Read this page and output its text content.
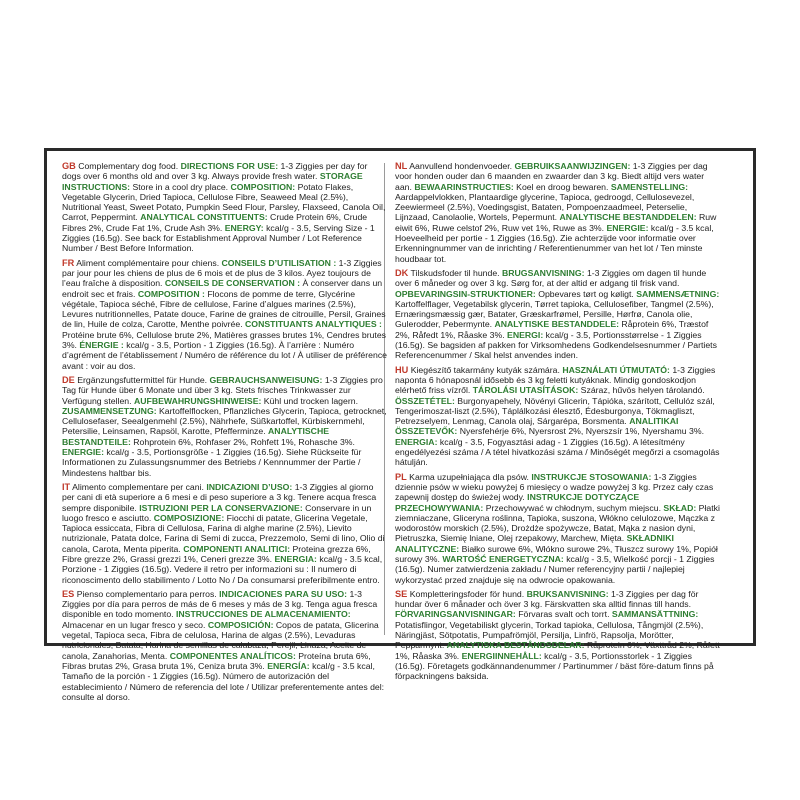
GB Complementary dog food. DIRECTIONS FOR USE: 1-3 Ziggies per day for dogs over 6 months old and over 3 kg. Always provide fresh water. STORAGE INSTRUCTIONS: Store in a cool dry place. COMPOSITION: Potato Flakes, Vegetable Glycerin, Dried Tapioca, Cellulose Fibre, Seaweed Meal (2.5%), Nutritional Yeast, Sweet Potato, Pumpkin Seed Flour, Parsley, Flaxseed, Canola Oil, Carrot, Peppermint. ANALYTICAL CONSTITUENTS: Crude Protein 6%, Crude Fibres 2%, Crude Fat 1%, Crude Ash 3%. ENERGY: kcal/g - 3.5, Serving Size - 1 Ziggies (16.5g). See back for Establishment Approval Number / Lot Reference Number / Best Before Information.

FR Aliment complémentaire pour chiens. CONSEILS D’UTILISATION : 1-3 Ziggies par jour pour les chiens de plus de 6 mois et de plus de 3 kilos. Ayez toujours de l’eau fraîche à disposition. CONSEILS DE CONSERVATION : À conserver dans un endroit sec et frais. COMPOSITION : Flocons de pomme de terre, Glycérine végétale, Tapioca séché, Fibre de cellulose, Farine d’algues marines (2.5%), Levures nutritionnelles, Patate douce, Farine de graines de citrouille, Persil, Graines de lin, Huile de colza, Carotte, Menthe poivrée. CONSTITUANTS ANALYTIQUES : Protéine brute 6%, Cellulose brute 2%, Matières grasses brutes 1%, Cendres brutes 3%. ÉNERGIE : kcal/g - 3.5, Portion - 1 Ziggies (16.5g). À l’arrière : Numéro d’agrément de l’établissement / Numéro de référence du lot / À utiliser de préférence avant : voir au dos.

DE Ergänzungsfuttermittel für Hunde. GEBRAUCHSANWEISUNG: 1-3 Ziggies pro Tag für Hunde über 6 Monate und über 3 kg. Stets frisches Trinkwasser zur Verfügung stellen. AUFBEWAHRUNGSHINWEISE: Kühl und trocken lagern. ZUSAMMENSETZUNG: Kartoffelflocken, Pflanzliches Glycerin, Tapioca, getrocknet, Cellulosefaser, Seealgenmehl (2.5%), Nährhefe, Süßkartoffel, Kürbiskernmehl, Petersilie, Leinsamen, Rapsöl, Karotte, Pfefferminze. ANALYTISCHE BESTANDTEILE: Rohprotein 6%, Rohfaser 2%, Rohfett 1%, Rohasche 3%. ENERGIE: kcal/g - 3.5, Portionsgröße - 1 Ziggies (16.5g). Siehe Rückseite für Informationen zu Zulassungsnummer des Betriebs / Kennnummer der Partie / Mindestens haltbar bis.

IT Alimento complementare per cani. INDICAZIONI D’USO: 1-3 Ziggies al giorno per cani di età superiore a 6 mesi e di peso superiore a 3 kg. Tenere acqua fresca sempre disponibile. ISTRUZIONI PER LA CONSERVAZIONE: Conservare in un luogo fresco e asciutto. COMPOSIZIONE: Fiocchi di patate, Glicerina Vegetale, Tapioca essiccata, Fibra di Cellulosa, Farina di alghe marine (2.5%), Lievito nutrizionale, Patata dolce, Farina di Semi di zucca, Prezzemolo, Semi di lino, Olio di canola, Carota, Menta piperita. COMPONENTI ANALITICI: Proteina grezza 6%, Fibre grezze 2%, Grassi grezzi 1%, Ceneri grezze 3%. ENERGIA: kcal/g - 3.5 kcal, Porzione - 1 Ziggies (16.5g). Vedere il retro per informazioni su : Il numero di riconoscimento dello stabilimento / Lotto No / Da consumarsi preferibilmente entro.

ES Pienso complementario para perros. INDICACIONES PARA SU USO: 1-3 Ziggies por día para perros de más de 6 meses y más de 3 kg. Tenga agua fresca disponible en todo momento. INSTRUCCIONES DE ALMACENAMIENTO: Almacenar en un lugar fresco y seco. COMPOSICIÓN: Copos de patata, Glicerina vegetal, Tapioca seca, Fibra de celulosa, Harina de algas (2.5%), Levaduras nutricionales, Batata, Harina de semillas de calabaza, Perejil, Linaza, Aceite de canola, Zanahorias, Menta. COMPONENTES ANALÍTICOS: Proteína bruta 6%, Fibras brutas 2%, Grasa bruta 1%, Ceniza bruta 3%. ENERGÍA: kcal/g - 3.5 kcal, Tamaño de la porción - 1 Ziggies (16.5g). Número de autorización del establecimiento / Número de referencia del lote / Utilizar preferentemente antes del: consulte al dorso.

NL Aanvullend hondenvoeder. GEBRUIKSAANWIJZINGEN: 1-3 Ziggies per dag voor honden ouder dan 6 maanden en zwaarder dan 3 kg. Biedt altijd vers water aan. BEWAARINSTRUCTIES: Koel en droog bewaren. SAMENSTELLING: Aardappelvlokken, Plantaardige glycerine, Tapioca, gedroogd, Cellulosevezel, Zeewiermeel (2.5%), Voedingsgist, Bataten, Pompoenzaadmeel, Peterselie, Lijnzaad, Canolaolie, Wortels, Pepermunt. ANALYTISCHE BESTANDDELEN: Ruw eiwit 6%, Ruwe celstof 2%, Ruw vet 1%, Ruwe as 3%. ENERGIE: kcal/g - 3.5 kcal, Hoeveelheid per portie - 1 Ziggies (16.5g). Zie achterzijde voor informatie over Erkenningnummer van de inrichting / Referentienummer van het lot / Ten minste houdbaar tot.

DK Tilskudsfoder til hunde. BRUGSANVISNING: 1-3 Ziggies om dagen til hunde over 6 måneder og over 3 kg. Sørg for, at der altid er adgang til frisk vand. OPBEVARINGSIN-STRUKTIONER: Opbevares tørt og køligt. SAMMENSÆTNING: Kartoffelflager, Vegetabilsk glycerin, Tørret tapioka, Cellulosefiber, Tangmel (2.5%), Ernæringsmæssig gær, Batater, Græskarfrømel, Persille, Hørfrø, Canola olie, Gulerodder, Pebermynte. ANALYTISKE BESTANDDELE: Råprotein 6%, Træstof 2%, Råfedt 1%, Råaske 3%. ENERGI: kcal/g - 3.5, Portionsstørrelse - 1 Ziggies (16.5g). Se bagsiden af pakken for Virksomhedens Godkendelsesnummer / Partiets Referencenummer / Skal helst anvendes inden.

HU Kiegészítő takarmány kutyák számára. HASZNÁLATI ÚTMUTATÓ: 1-3 Ziggies naponta 6 hónaposnál idősebb és 3 kg feletti kutyáknak. Mindig gondoskodjon elérhető friss vízről. TÁROLÁSI UTASÍTÁSOK: Száraz, hűvös helyen tárolandó. ÖSSZETÉTEL: Burgonyapehely, Növényi Glicerin, Tápióka, szárított, Cellulóz szál, Tengerimoszat-liszt (2.5%), Táplálkozási élesztő, Édesburgonya, Tökmagliszt, Petrezselyem, Lenmag, Canola olaj, Sárgarépa, Borsmenta. ANALITIKAI ÖSSZETEVŐK: Nyersfehérje 6%, Nyersrost 2%, Nyerszsír 1%, Nyershamu 3%. ENERGIA: kcal/g - 3.5, Fogyasztási adag - 1 Ziggies (16.5g). A létesítmény engedélyezési száma / A tétel hivatkozási száma / Minőségét megőrzi a csomagolás hátulján.

PL Karma uzupełniająca dla psów. INSTRUKCJE STOSOWANIA: 1-3 Ziggies dziennie psów w wieku powyżej 6 miesięcy o wadze powyżej 3 kg. Przez cały czas zapewnij dostęp do świeżej wody. INSTRUKCJE DOTYCZĄCE PRZECHOWYWANIA: Przechowywać w chłodnym, suchym miejscu. SKŁAD: Płatki ziemniaczane, Gliceryna roślinna, Tapioka, suszona, Włókno celulozowe, Mączka z wodorostów morskich (2.5%), Drożdże spożywcze, Batat, Mąka z nasion dyni, Pietruszka, Siemię lniane, Olej rzepakowy, Marchew, Mięta. SKŁADNIKI ANALITYCZNE: Białko surowe 6%, Włókno surowe 2%, Tłuszcz surowy 1%, Popiół surowy 3%. WARTOŚĆ ENERGETYCZNA: kcal/g - 3.5, Wielkość porcji - 1 Ziggies (16.5g). Numer zatwierdzenia zakładu / Numer referencyjny partii / najlepiej wykorzystać przed znajduje się na odwrocie opakowania.

SE Kompletteringsfoder för hund. BRUKSANVISNING: 1-3 Ziggies per dag för hundar över 6 månader och över 3 kg. Färskvatten ska alltid finnas till hands. FÖRVARINGSANVISNINGAR: Förvaras svalt och torrt. SAMMANSÄTTNING: Potatisflingor, Vegetabiliskt glycerin, Torkad tapioka, Cellulosa, Tångmjöl (2.5%), Näringjäst, Sötpotatis, Pumpafrömjöl, Persilja, Linfrö, Rapsolja, Morötter, Pepparmynt. ANALYTISKA BESTÅNDSDELAR: Råprotein 6%, Växttråd 2%, Råfett 1%, Råaska 3%. ENERGIINNEHÅLL: kcal/g - 3.5, Portionsstorlek - 1 Ziggies (16.5g). Företagets godkännandenummer / Partinummer / bäst före-datum finns på förpackningens baksida.
